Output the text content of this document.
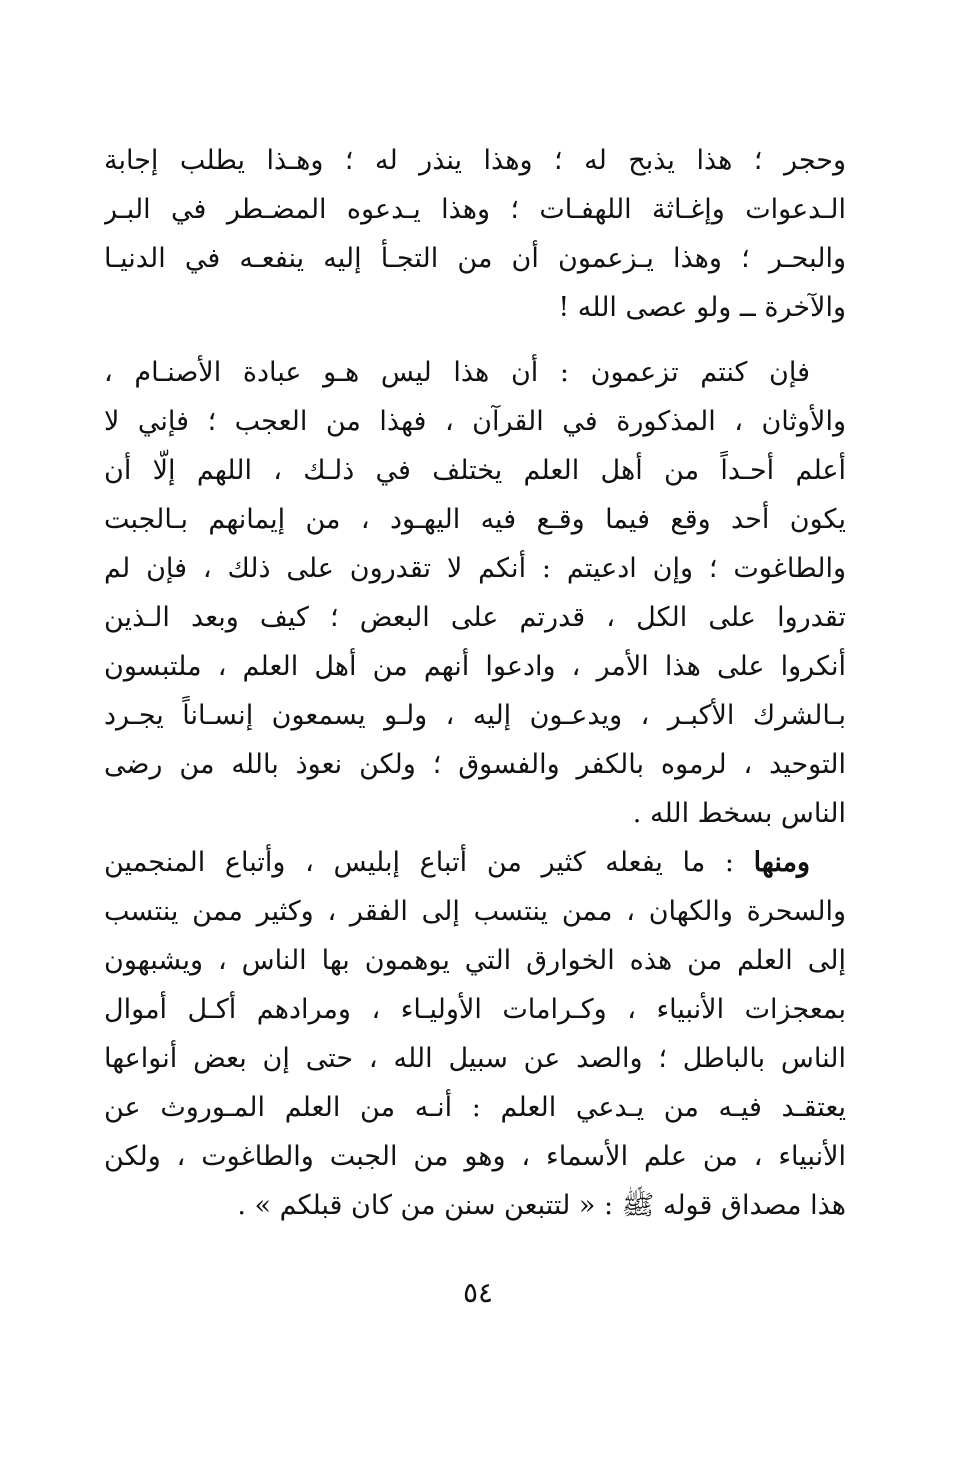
وحجر ؛ هذا يذبح له ؛ وهذا ينذر له ؛ وهـذا يطلب إجابة
الـدعوات وإغـاثة اللهفـات ؛ وهذا يـدعوه المضـطر في البـر
والبحـر ؛ وهذا يـزعمون أن من التجـأ إليه ينفعـه في الدنيـا
والآخرة ــ ولو عصى الله !
فإن كنتم تزعمون : أن هذا ليس هـو عبادة الأصنـام ،
والأوثان ، المذكورة في القرآن ، فهذا من العجب ؛ فإني لا
أعلم أحـداً من أهل العلم يختلف في ذلـك ، اللهم إلّا أن
يكون أحد وقع فيما وقـع فيه اليهـود ، من إيمانهم بـالجبت
والطاغوت ؛ وإن ادعيتم : أنكم لا تقدرون على ذلك ، فإن لم
تقدروا على الكل ، قدرتم على البعض ؛ كيف وبعد الـذين
أنكروا على هذا الأمر ، وادعوا أنهم من أهل العلم ، ملتبسون
بـالشرك الأكبـر ، ويدعـون إليه ، ولـو يسمعون إنسـاناً يجـرد
التوحيد ، لرموه بالكفر والفسوق ؛ ولكن نعوذ بالله من رضى
الناس بسخط الله .
ومنها : ما يفعله كثير من أتباع إبليس ، وأتباع المنجمين
والسحرة والكهان ، ممن ينتسب إلى الفقر ، وكثير ممن ينتسب
إلى العلم من هذه الخوارق التي يوهمون بها الناس ، ويشبهون
بمعجزات الأنبياء ، وكـرامات الأوليـاء ، ومرادهم أكـل أموال
الناس بالباطل ؛ والصد عن سبيل الله ، حتى إن بعض أنواعها
يعتقـد فيـه من يـدعي العلم : أنـه من العلم المـوروث عن
الأنبياء ، من علم الأسماء ، وهو من الجبت والطاغوت ، ولكن
هذا مصداق قوله ﷺ : « لتتبعن سنن من كان قبلكم » .
٥٤
